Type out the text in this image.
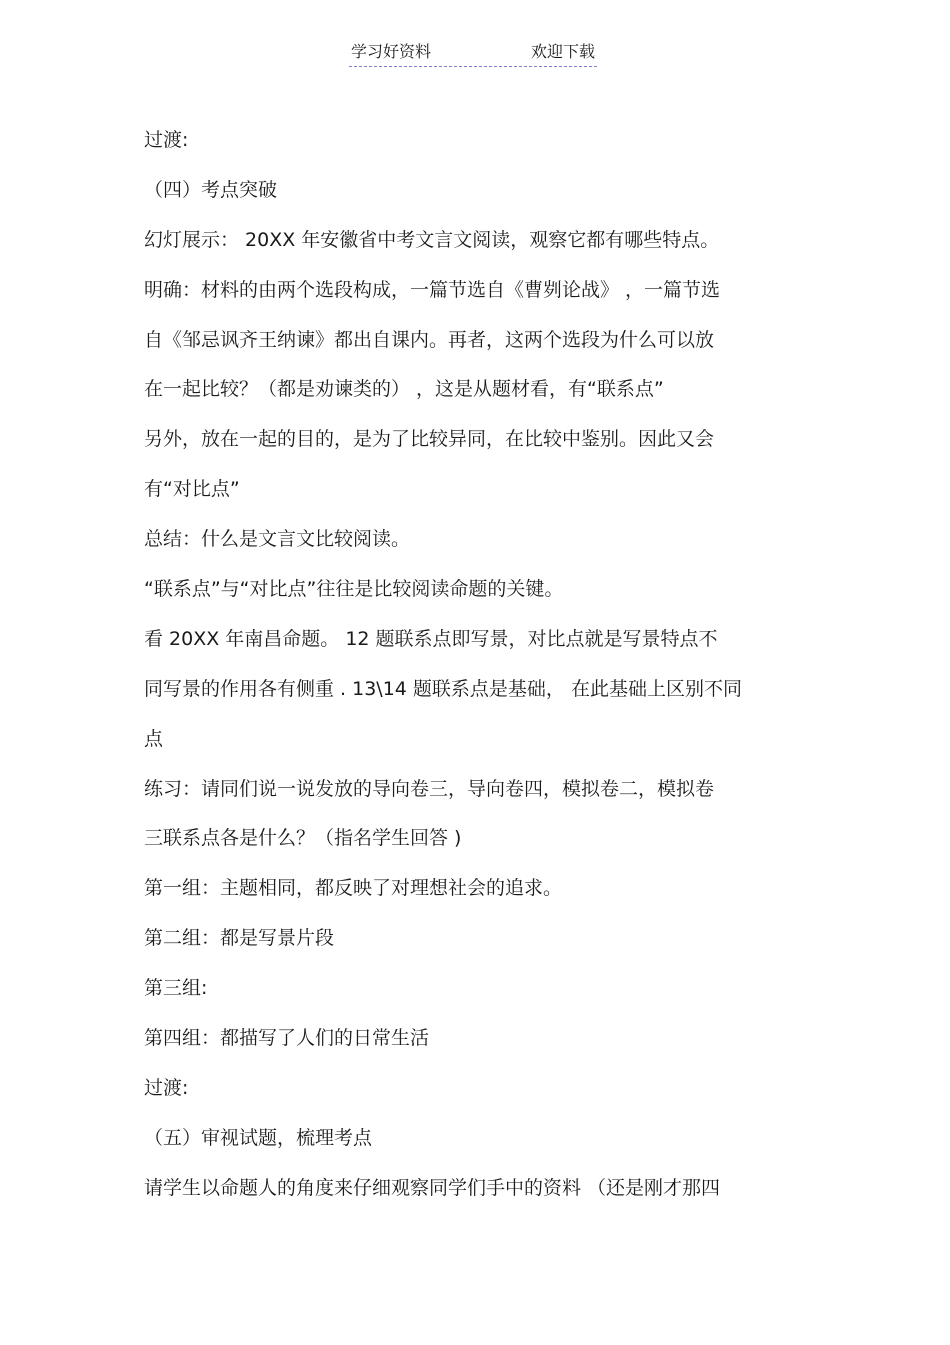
学习好资料	欢迎下载
过渡:
（四）考点突破
幻灯展示： 20XX 年安徽省中考文言文阅读，观察它都有哪些特点。
明确：材料的由两个选段构成，一篇节选自《曹刿论战》 ，一篇节选
自《邹忌讽齐王纳谏》都出自课内。再者，这两个选段为什么可以放
在一起比较？（都是劝谏类的） ，这是从题材看，有“联系点”
另外，放在一起的目的，是为了比较异同，在比较中鉴别。因此又会
有“对比点”
总结：什么是文言文比较阅读。
“联系点”与“对比点”往往是比较阅读命题的关键。
看 20XX 年南昌命题。 12 题联系点即写景，对比点就是写景特点不
同写景的作用各有侧重 . 13\14 题联系点是基础， 在此基础上区别不同
点
练习：请同们说一说发放的导向卷三，导向卷四，模拟卷二，模拟卷
三联系点各是什么？（指名学生回答 )
第一组：主题相同，都反映了对理想社会的追求。
第二组：都是写景片段
第三组:
第四组：都描写了人们的日常生活
过渡:
（五）审视试题，梳理考点
请学生以命题人的角度来仔细观察同学们手中的资料 （还是刚才那四
